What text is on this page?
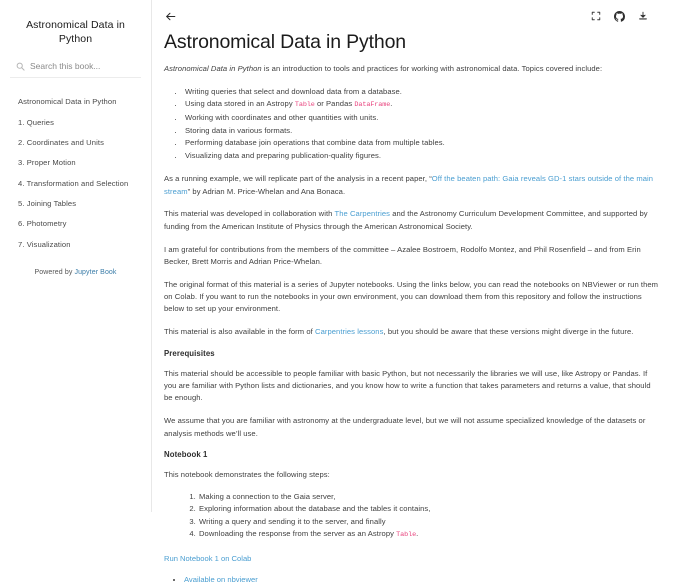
Astronomical Data in Python
Search this book...
Astronomical Data in Python
1. Queries
2. Coordinates and Units
3. Proper Motion
4. Transformation and Selection
5. Joining Tables
6. Photometry
7. Visualization
Powered by Jupyter Book
Astronomical Data in Python

Astronomical Data in Python is an introduction to tools and practices for working with astronomical data. Topics covered include:

• Writing queries that select and download data from a database.
• Using data stored in an Astropy Table or Pandas DataFrame.
• Working with coordinates and other quantities with units.
• Storing data in various formats.
• Performing database join operations that combine data from multiple tables.
• Visualizing data and preparing publication-quality figures.

As a running example, we will replicate part of the analysis in a recent paper, “Off the beaten path: Gaia reveals GD-1 stars outside of the main stream” by Adrian M. Price-Whelan and Ana Bonaca.

This material was developed in collaboration with The Carpentries and the Astronomy Curriculum Development Committee, and supported by funding from the American Institute of Physics through the American Astronomical Society.

I am grateful for contributions from the members of the committee – Azalee Bostroem, Rodolfo Montez, and Phil Rosenfield – and from Erin Becker, Brett Morris and Adrian Price-Whelan.

The original format of this material is a series of Jupyter notebooks. Using the links below, you can read the notebooks on NBViewer or run them on Colab. If you want to run the notebooks in your own environment, you can download them from this repository and follow the instructions below to set up your environment.

This material is also available in the form of Carpentries lessons, but you should be aware that these versions might diverge in the future.

Prerequisites

This material should be accessible to people familiar with basic Python, but not necessarily the libraries we will use, like Astropy or Pandas. If you are familiar with Python lists and dictionaries, and you know how to write a function that takes parameters and returns a value, that should be enough.

We assume that you are familiar with astronomy at the undergraduate level, but we will not assume specialized knowledge of the datasets or analysis methods we’ll use.

Notebook 1

This notebook demonstrates the following steps:

1. Making a connection to the Gaia server,
2. Exploring information about the database and the tables it contains,
3. Writing a query and sending it to the server, and finally
4. Downloading the response from the server as an Astropy Table.

Run Notebook 1 on Colab

• Available on nbviewer
